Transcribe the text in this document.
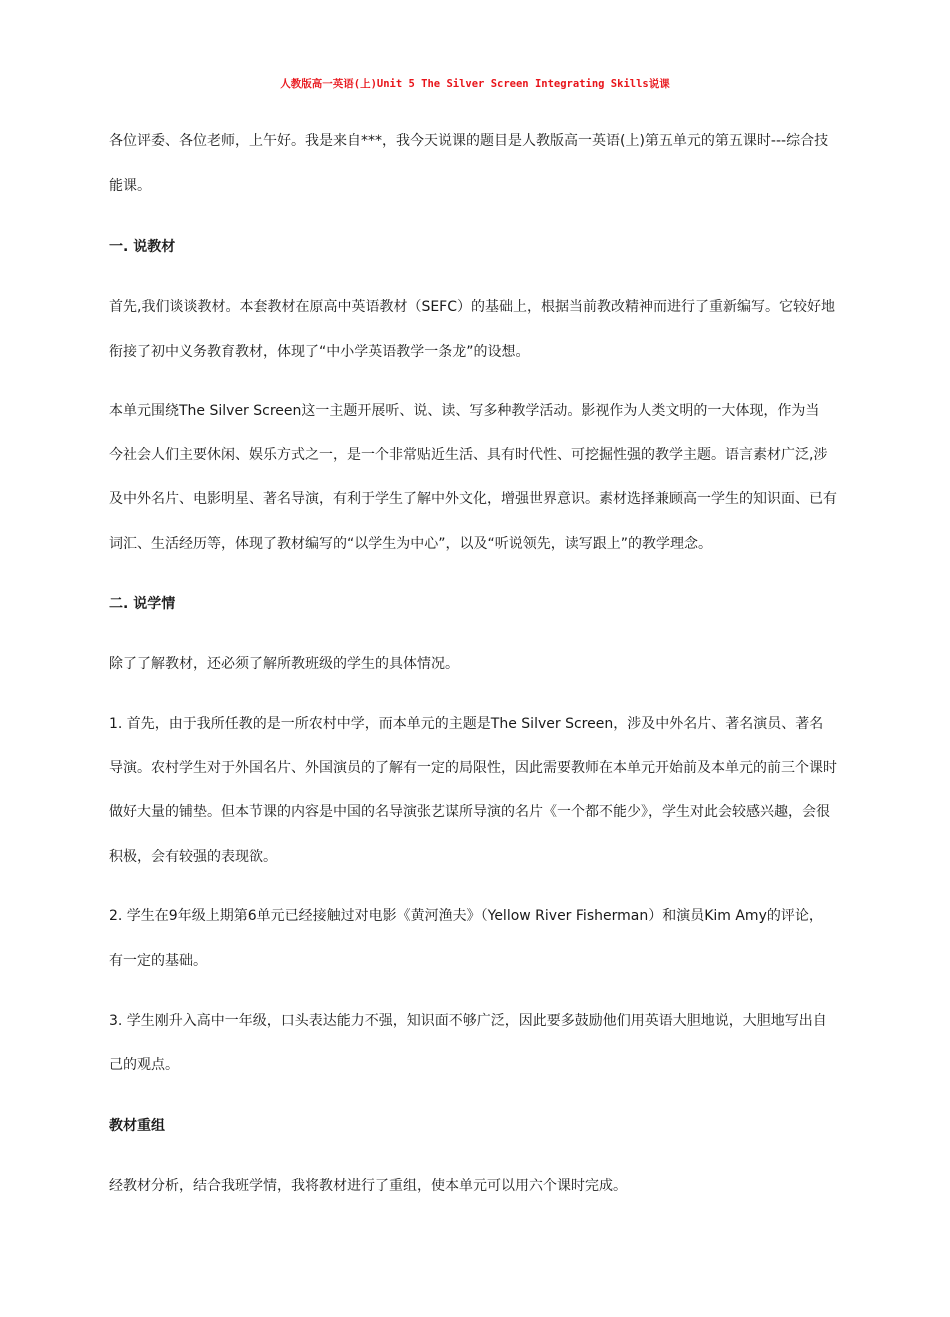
人教版高一英语(上)Unit 5 The Silver Screen Integrating Skills说课
各位评委、各位老师，上午好。我是来自***，我今天说课的题目是人教版高一英语(上)第五单元的第五课时---综合技
能课。
一. 说教材
首先,我们谈谈教材。本套教材在原高中英语教材（SEFC）的基础上，根据当前教改精神而进行了重新编写。它较好地
衔接了初中义务教育教材，体现了“中小学英语教学一条龙”的设想。
本单元围绕The Silver Screen这一主题开展听、说、读、写多种教学活动。影视作为人类文明的一大体现，作为当
今社会人们主要休闲、娱乐方式之一，是一个非常贴近生活、具有时代性、可挖掘性强的教学主题。语言素材广泛,涉
及中外名片、电影明星、著名导演，有利于学生了解中外文化，增强世界意识。素材选择兼顾高一学生的知识面、已有
词汇、生活经历等，体现了教材编写的“以学生为中心”，以及“听说领先，读写跟上”的教学理念。
二. 说学情
除了了解教材，还必须了解所教班级的学生的具体情况。
1. 首先，由于我所任教的是一所农村中学，而本单元的主题是The Silver Screen，涉及中外名片、著名演员、著名
导演。农村学生对于外国名片、外国演员的了解有一定的局限性，因此需要教师在本单元开始前及本单元的前三个课时
做好大量的铺垫。但本节课的内容是中国的名导演张艺谋所导演的名片《一个都不能少》，学生对此会较感兴趣，会很
积极，会有较强的表现欲。
2. 学生在9年级上期第6单元已经接触过对电影《黄河渔夫》（Yellow River Fisherman）和演员Kim Amy的评论，
有一定的基础。
3. 学生刚升入高中一年级，口头表达能力不强，知识面不够广泛，因此要多鼓励他们用英语大胆地说，大胆地写出自
己的观点。
教材重组
经教材分析，结合我班学情，我将教材进行了重组，使本单元可以用六个课时完成。
